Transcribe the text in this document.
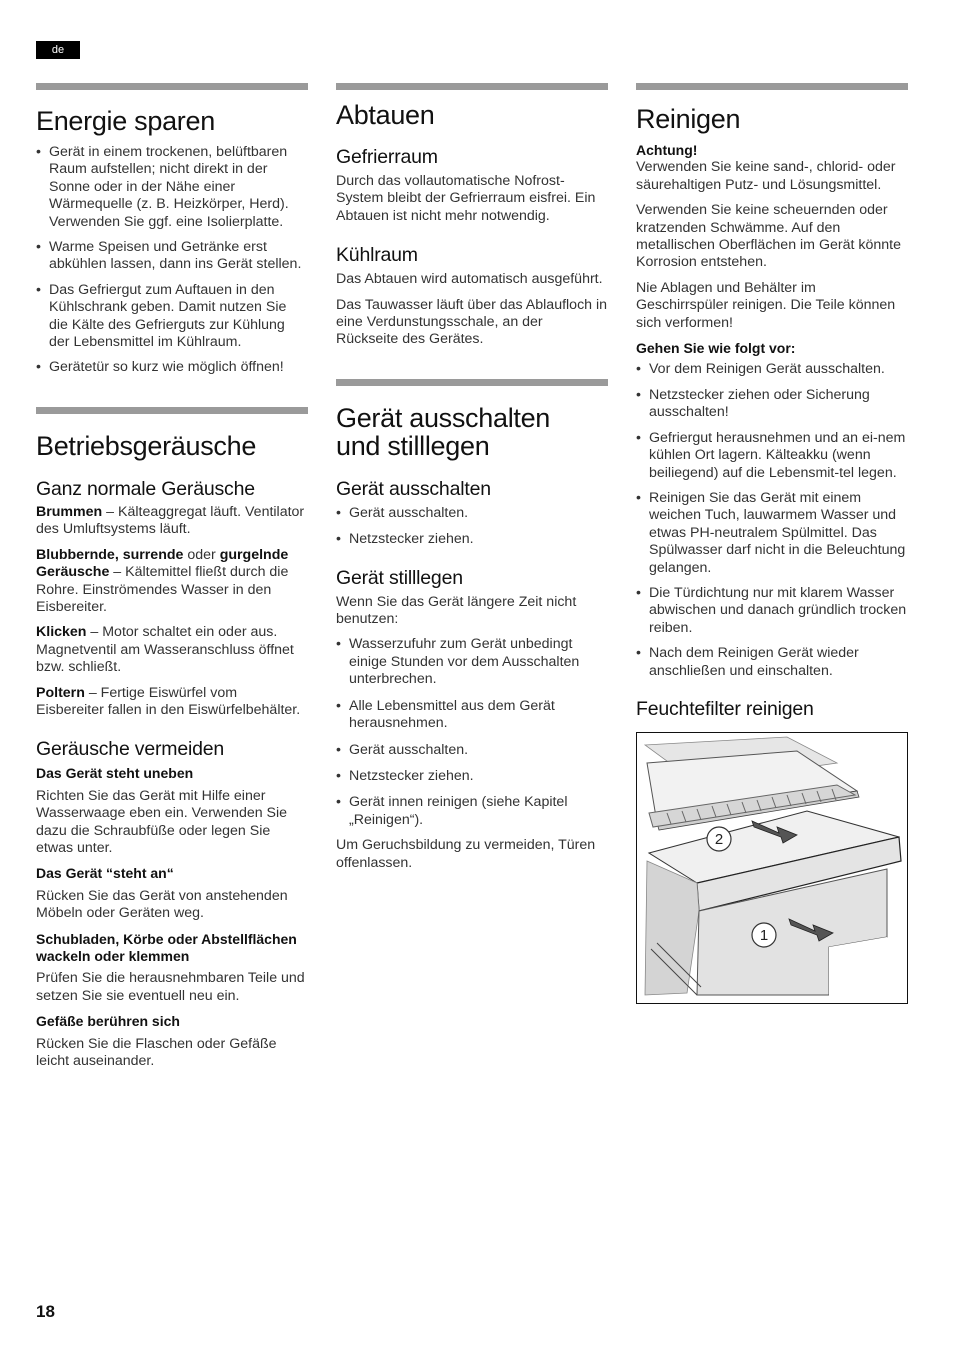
de
Energie sparen
• Gerät in einem trockenen, belüftbaren Raum aufstellen; nicht direkt in der Sonne oder in der Nähe einer Wärmequelle (z. B. Heizkörper, Herd). Verwenden Sie ggf. eine Isolierplatte.
• Warme Speisen und Getränke erst abkühlen lassen, dann ins Gerät stellen.
• Das Gefriergut zum Auftauen in den Kühlschrank geben. Damit nutzen Sie die Kälte des Gefrierguts zur Kühlung der Lebensmittel im Kühlraum.
• Gerätetür so kurz wie möglich öffnen!
Betriebsgeräusche
Ganz normale Geräusche

Brummen – Kälteaggregat läuft. Ventilator des Umluftsystems läuft.

Blubbernde, surrende oder gurgelnde Geräusche – Kältemittel fließt durch die Rohre. Einströmendes Wasser in den Eisbereiter.

Klicken – Motor schaltet ein oder aus. Magnetventil am Wasseranschluss öffnet bzw. schließt.

Poltern – Fertige Eiswürfel vom Eisbereiter fallen in den Eiswürfelbehälter.

Geräusche vermeiden

Das Gerät steht uneben

Richten Sie das Gerät mit Hilfe einer Wasserwaage eben ein. Verwenden Sie dazu die Schraubfüße oder legen Sie etwas unter.

Das Gerät “steht an“

Rücken Sie das Gerät von anstehenden Möbeln oder Geräten weg.

Schubladen, Körbe oder Abstellflächen wackeln oder klemmen

Prüfen Sie die herausnehmbaren Teile und setzen Sie sie eventuell neu ein.

Gefäße berühren sich

Rücken Sie die Flaschen oder Gefäße leicht auseinander.

Abtauen
Gefrierraum

Durch das vollautomatische Nofrost-System bleibt der Gefrierraum eisfrei. Ein Abtauen ist nicht mehr notwendig.

Kühlraum

Das Abtauen wird automatisch ausgeführt.

Das Tauwasser läuft über das Ablaufloch in eine Verdunstungsschale, an der Rückseite des Gerätes.

Gerät ausschalten
und stilllegen
Gerät ausschalten
• Gerät ausschalten.
• Netzstecker ziehen.
Gerät stilllegen

Wenn Sie das Gerät längere Zeit nicht benutzen:

• Wasserzufuhr zum Gerät unbedingt einige Stunden vor dem Ausschalten unterbrechen.
• Alle Lebensmittel aus dem Gerät herausnehmen.
• Gerät ausschalten.
• Netzstecker ziehen.
• Gerät innen reinigen (siehe Kapitel „Reinigen“).

Um Geruchsbildung zu vermeiden, Türen offenlassen.

Reinigen

Achtung!

Verwenden Sie keine sand-, chlorid- oder säurehaltigen Putz- und Lösungsmittel.

Verwenden Sie keine scheuernden oder kratzenden Schwämme. Auf den metallischen Oberflächen im Gerät könnte Korrosion entstehen.

Nie Ablagen und Behälter im Geschirrspüler reinigen. Die Teile können sich verformen!

Gehen Sie wie folgt vor:

• Vor dem Reinigen Gerät ausschalten.
• Netzstecker ziehen oder Sicherung ausschalten!
• Gefriergut herausnehmen und an ei-nem kühlen Ort lagern. Kälteakku (wenn beiliegend) auf die Lebensmit-tel legen.
• Reinigen Sie das Gerät mit einem weichen Tuch, lauwarmem Wasser und etwas PH-neutralem Spülmittel. Das Spülwasser darf nicht in die Beleuchtung gelangen.
• Die Türdichtung nur mit klarem Wasser abwischen und danach gründlich trocken reiben.
• Nach dem Reinigen Gerät wieder anschließen und einschalten.
Feuchtefilter reinigen
2
1
18
